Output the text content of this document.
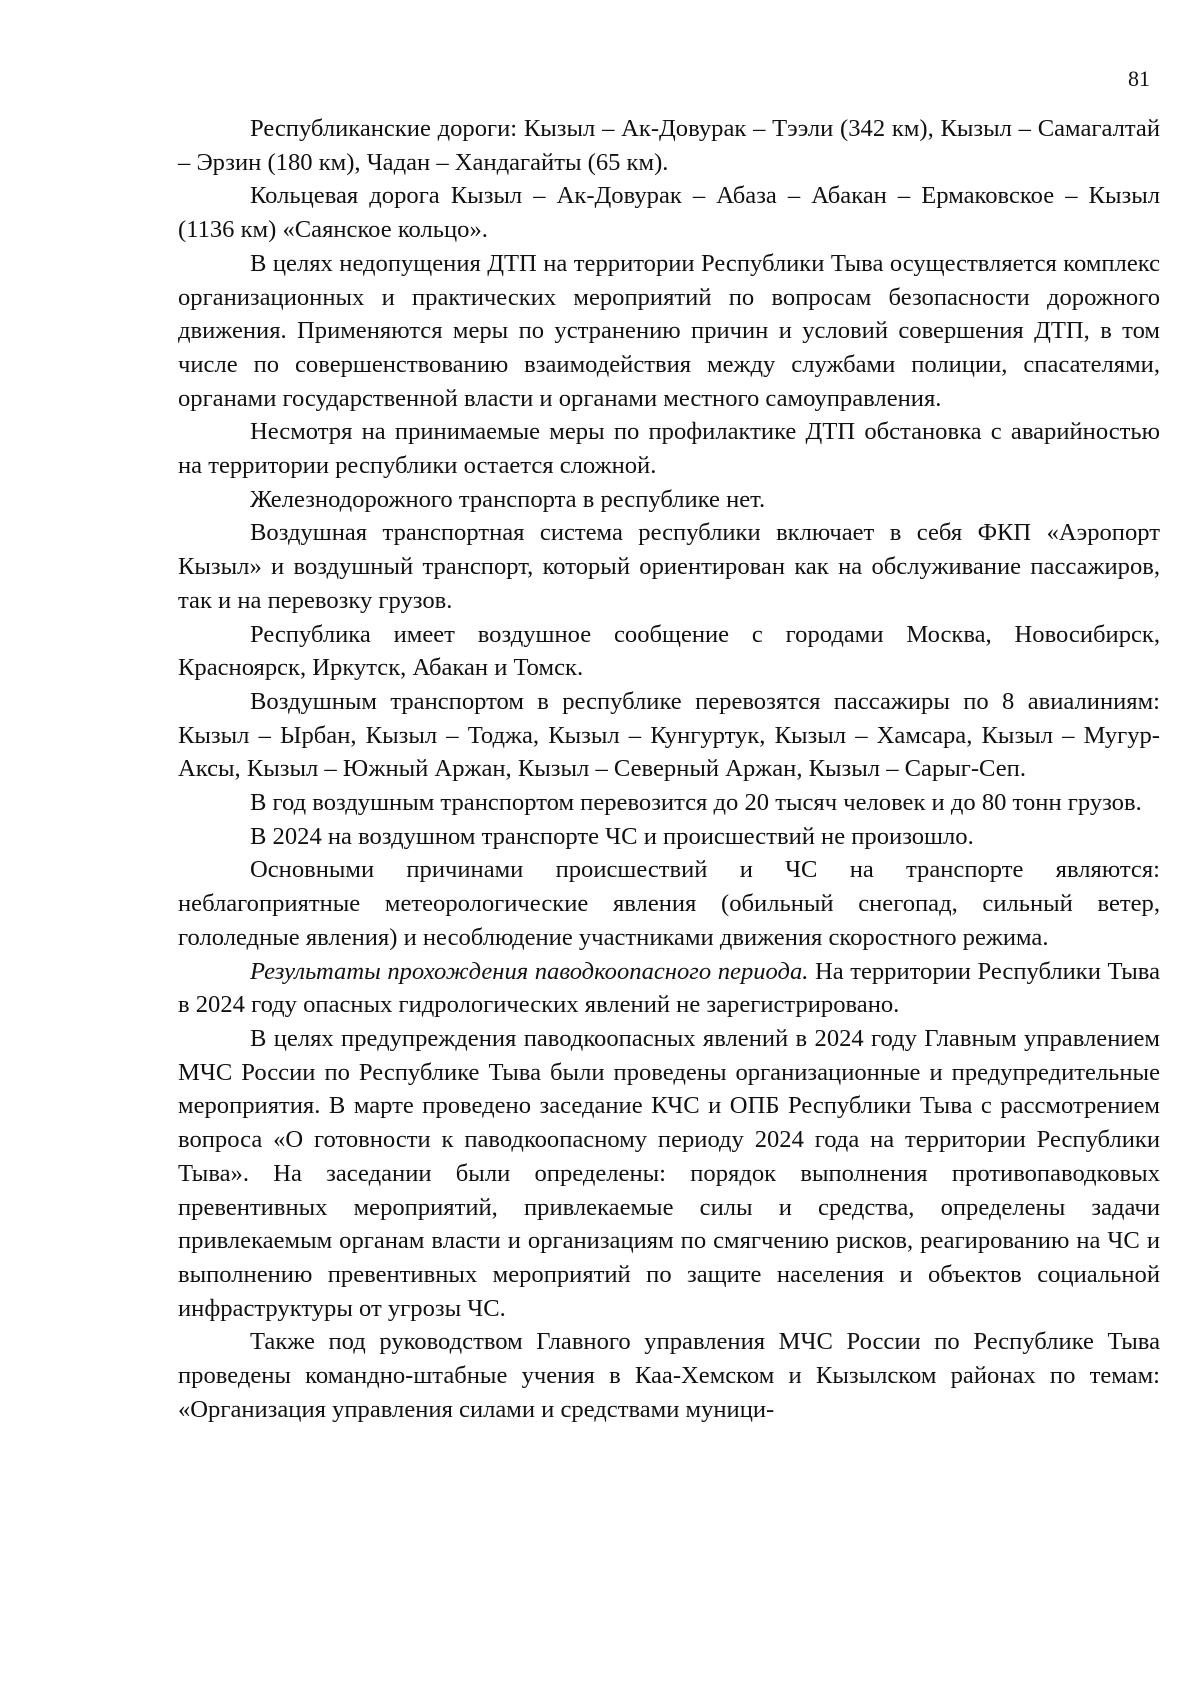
81

Республиканские дороги: Кызыл – Ак-Довурак – Тээли (342 км), Кызыл – Самагалтай – Эрзин (180 км), Чадан – Хандагайты (65 км).

Кольцевая дорога Кызыл – Ак-Довурак – Абаза – Абакан – Ермаковское – Кызыл (1136 км) «Саянское кольцо».

В целях недопущения ДТП на территории Республики Тыва осуществляется комплекс организационных и практических мероприятий по вопросам безопасности дорожного движения. Применяются меры по устранению причин и условий совершения ДТП, в том числе по совершенствованию взаимодействия между службами полиции, спасателями, органами государственной власти и органами местного самоуправления.

Несмотря на принимаемые меры по профилактике ДТП обстановка с аварийностью на территории республики остается сложной.

Железнодорожного транспорта в республике нет.

Воздушная транспортная система республики включает в себя ФКП «Аэропорт Кызыл» и воздушный транспорт, который ориентирован как на обслуживание пассажиров, так и на перевозку грузов.

Республика имеет воздушное сообщение с городами Москва, Новосибирск, Красноярск, Иркутск, Абакан и Томск.

Воздушным транспортом в республике перевозятся пассажиры по 8 авиалиниям: Кызыл – Ырбан, Кызыл – Тоджа, Кызыл – Кунгуртук, Кызыл – Хамсара, Кызыл – Мугур-Аксы, Кызыл – Южный Аржан, Кызыл – Северный Аржан, Кызыл – Сарыг-Сеп.

В год воздушным транспортом перевозится до 20 тысяч человек и до 80 тонн грузов.

В 2024 на воздушном транспорте ЧС и происшествий не произошло.

Основными причинами происшествий и ЧС на транспорте являются: неблагоприятные метеорологические явления (обильный снегопад, сильный ветер, гололедные явления) и несоблюдение участниками движения скоростного режима.

Результаты прохождения паводкоопасного периода. На территории Республики Тыва в 2024 году опасных гидрологических явлений не зарегистрировано.

В целях предупреждения паводкоопасных явлений в 2024 году Главным управлением МЧС России по Республике Тыва были проведены организационные и предупредительные мероприятия. В марте проведено заседание КЧС и ОПБ Республики Тыва с рассмотрением вопроса «О готовности к паводкоопасному периоду 2024 года на территории Республики Тыва». На заседании были определены: порядок выполнения противопаводковых превентивных мероприятий, привлекаемые силы и средства, определены задачи привлекаемым органам власти и организациям по смягчению рисков, реагированию на ЧС и выполнению превентивных мероприятий по защите населения и объектов социальной инфраструктуры от угрозы ЧС.

Также под руководством Главного управления МЧС России по Республике Тыва проведены командно-штабные учения в Каа-Хемском и Кызылском районах по темам: «Организация управления силами и средствами муници-
